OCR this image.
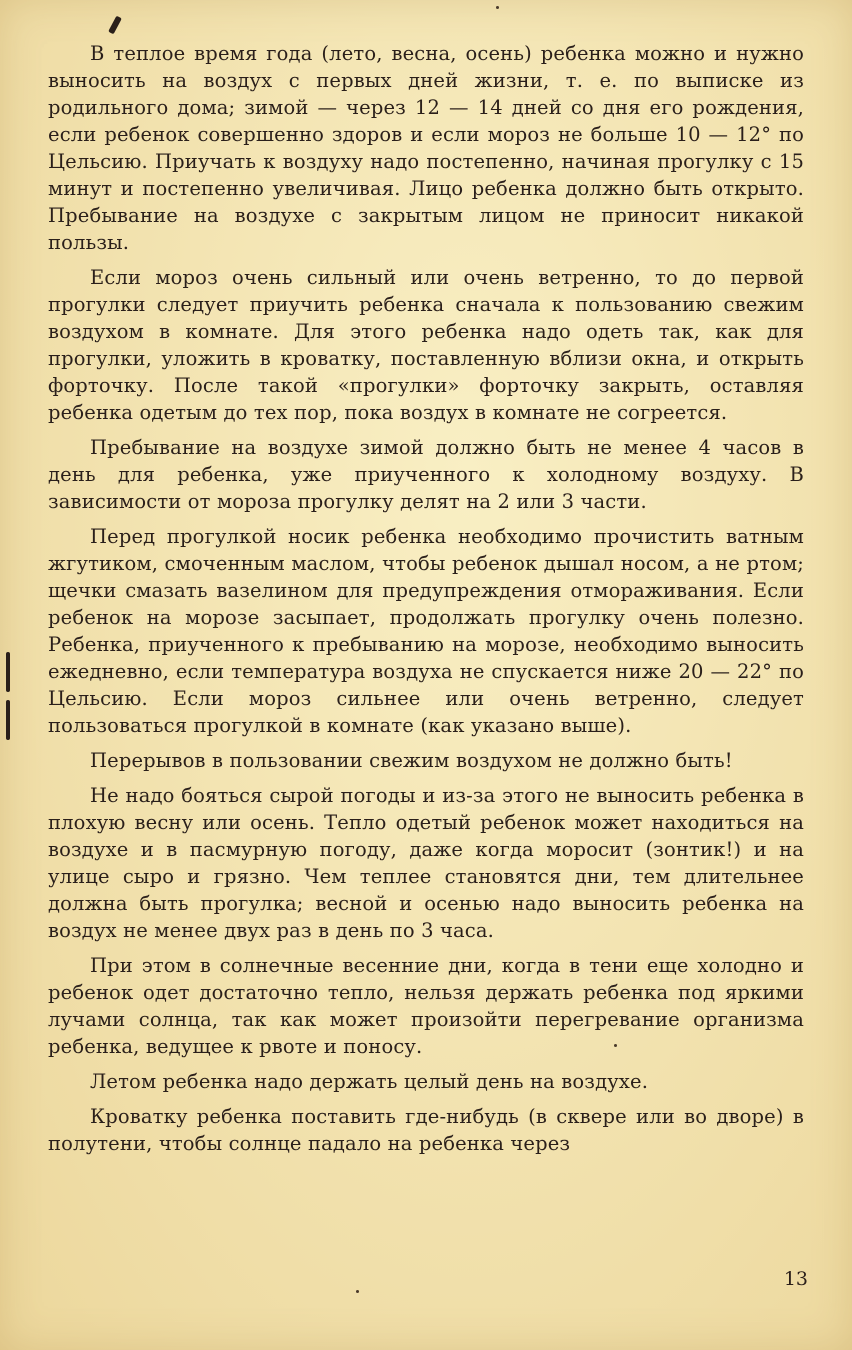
В теплое время года (лето, весна, осень) ребенка можно и нужно выносить на воздух с первых дней жизни, т. е. по выписке из родильного дома; зимой — через 12 — 14 дней со дня его рождения, если ребенок совершенно здоров и если мороз не больше 10 — 12° по Цельсию. Приучать к воздуху надо постепенно, начиная прогулку с 15 минут и постепенно увеличивая. Лицо ребенка должно быть открыто. Пребывание на воздухе с закрытым лицом не приносит никакой пользы.

Если мороз очень сильный или очень ветренно, то до первой прогулки следует приучить ребенка сначала к пользованию свежим воздухом в комнате. Для этого ребенка надо одеть так, как для прогулки, уложить в кроватку, поставленную вблизи окна, и открыть форточку. После такой «прогулки» форточку закрыть, оставляя ребенка одетым до тех пор, пока воздух в комнате не согреется.

Пребывание на воздухе зимой должно быть не менее 4 часов в день для ребенка, уже приученного к холодному воздуху. В зависимости от мороза прогулку делят на 2 или 3 части.

Перед прогулкой носик ребенка необходимо прочистить ватным жгутиком, смоченным маслом, чтобы ребенок дышал носом, а не ртом; щечки смазать вазелином для предупреждения отмораживания. Если ребенок на морозе засыпает, продолжать прогулку очень полезно. Ребенка, приученного к пребыванию на морозе, необходимо выносить ежедневно, если температура воздуха не спускается ниже 20 — 22° по Цельсию. Если мороз сильнее или очень ветренно, следует пользоваться прогулкой в комнате (как указано выше).

Перерывов в пользовании свежим воздухом не должно быть!

Не надо бояться сырой погоды и из-за этого не выносить ребенка в плохую весну или осень. Тепло одетый ребенок может находиться на воздухе и в пасмурную погоду, даже когда моросит (зонтик!) и на улице сыро и грязно. Чем теплее становятся дни, тем длительнее должна быть прогулка; весной и осенью надо выносить ребенка на воздух не менее двух раз в день по 3 часа.

При этом в солнечные весенние дни, когда в тени еще холодно и ребенок одет достаточно тепло, нельзя держать ребенка под яркими лучами солнца, так как может произойти перегревание организма ребенка, ведущее к рвоте и поносу.

Летом ребенка надо держать целый день на воздухе.

Кроватку ребенка поставить где-нибудь (в сквере или во дворе) в полутени, чтобы солнце падало на ребенка через

13
